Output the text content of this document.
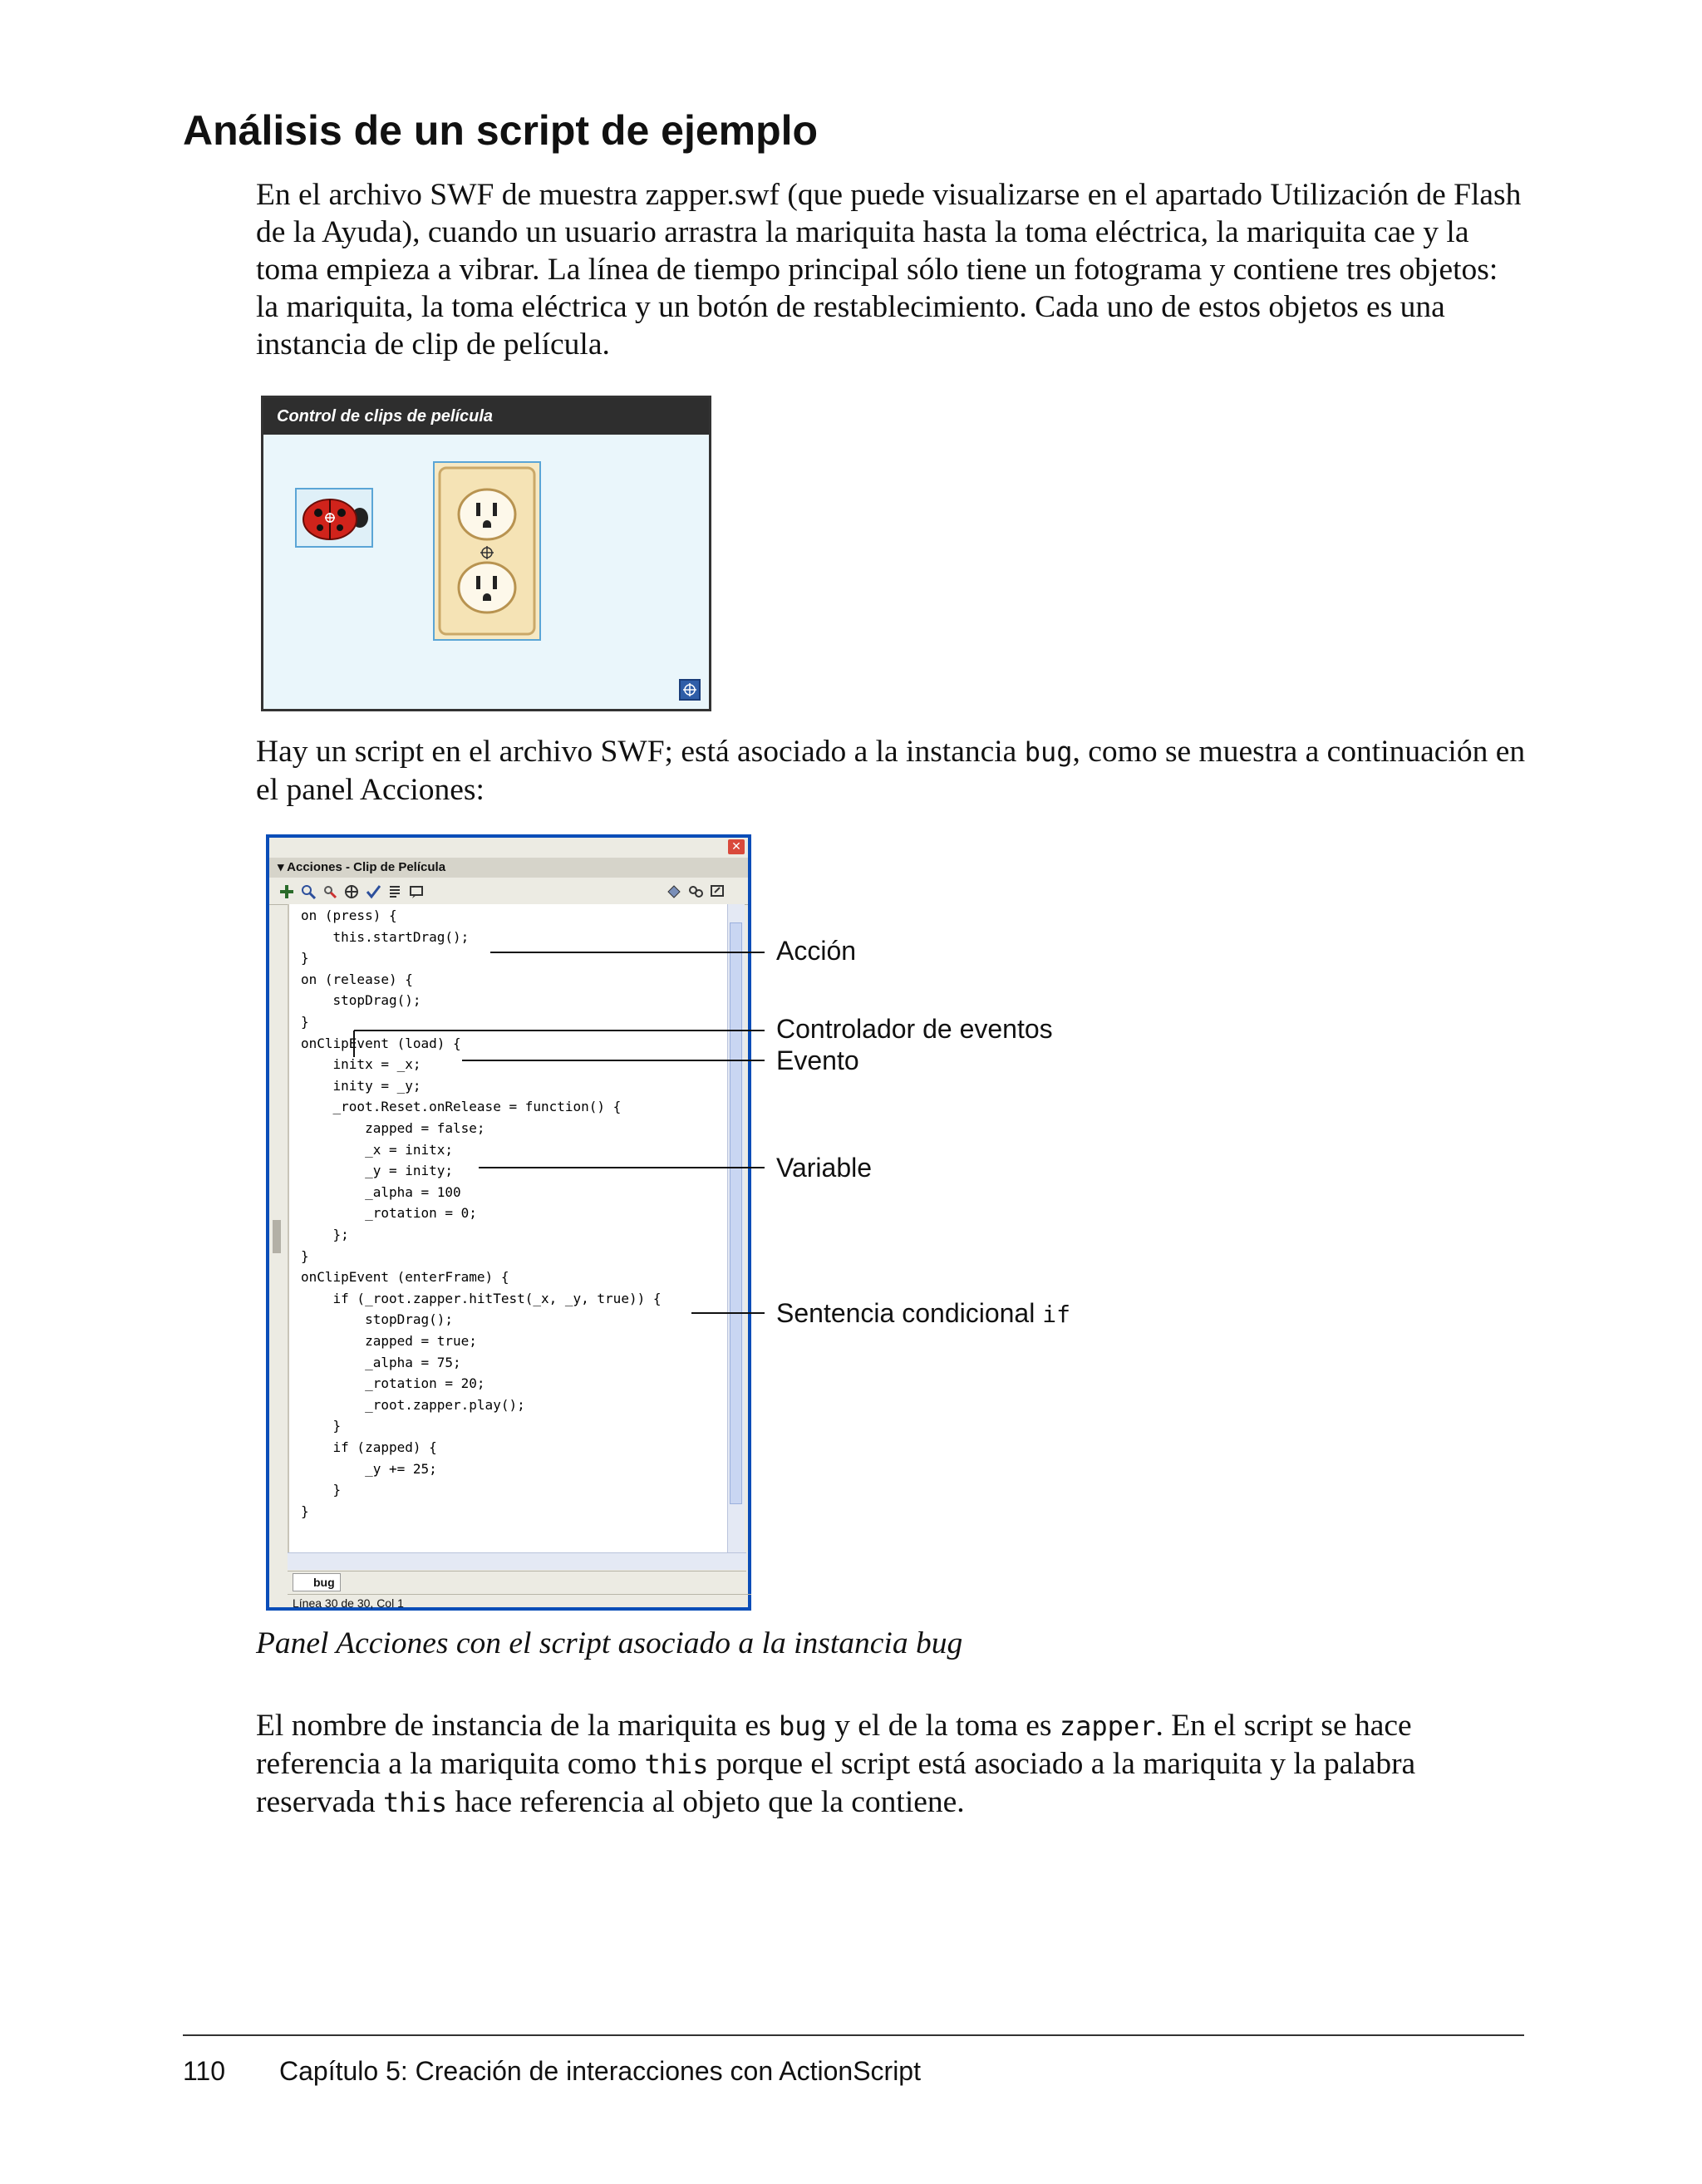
Análisis de un script de ejemplo

En el archivo SWF de muestra zapper.swf (que puede visualizarse en el apartado Utilización de Flash de la Ayuda), cuando un usuario arrastra la mariquita hasta la toma eléctrica, la mariquita cae y la toma empieza a vibrar. La línea de tiempo principal sólo tiene un fotograma y contiene tres objetos: la mariquita, la toma eléctrica y un botón de restablecimiento. Cada uno de estos objetos es una instancia de clip de película.

Control de clips de película

Hay un script en el archivo SWF; está asociado a la instancia bug, como se muestra a continuación en el panel Acciones:

✕
▾ Acciones - Clip de Película
on (press) {
this.startDrag();
}
on (release) {
stopDrag();
}
onClipEvent (load) {
initx = _x;
inity = _y;
_root.Reset.onRelease = function() {
zapped = false;
_x = initx;
_y = inity;
_alpha = 100
_rotation = 0;
};
}
onClipEvent (enterFrame) {
if (_root.zapper.hitTest(_x, _y, true)) {
stopDrag();
zapped = true;
_alpha = 75;
_rotation = 20;
_root.zapper.play();
}
if (zapped) {
_y += 25;
}
}
bug
Línea 30 de 30, Col 1
Acción
Controlador de eventos
Evento
Variable
Sentencia condicional if

Panel Acciones con el script asociado a la instancia bug

El nombre de instancia de la mariquita es bug y el de la toma es zapper. En el script se hace referencia a la mariquita como this porque el script está asociado a la mariquita y la palabra reservada this hace referencia al objeto que la contiene.

110 Capítulo 5: Creación de interacciones con ActionScript
